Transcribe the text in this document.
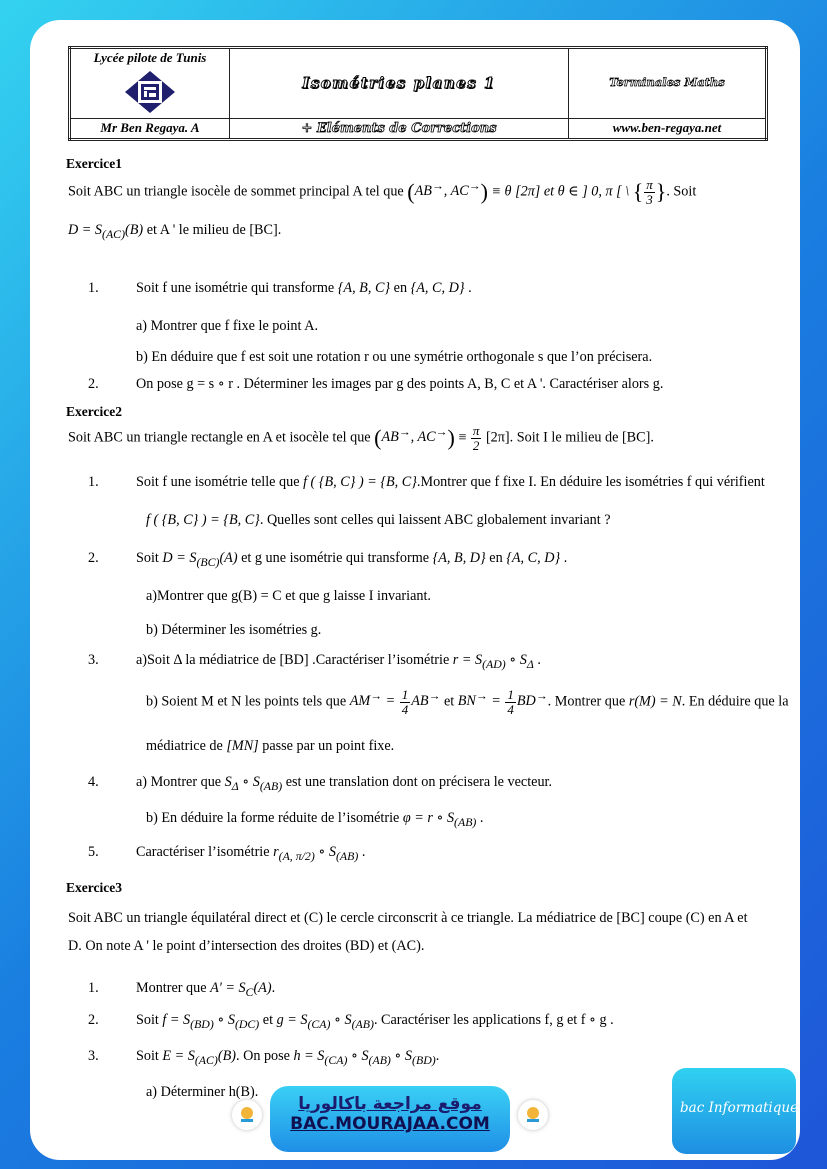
Lycée pilote de Tunis	Isométries planes 1	Terminales Maths

Mr Ben Regaya. A	+ Eléments de Corrections	www.ben-regaya.net

Exercice1

Soit ABC un triangle isocèle de sommet principal A tel que (AB→, AC→) ≡ θ [2π] et θ ∈ ] 0, π [ \ { $\frac{\pi}{3}$ }. Soit

$D = S_{(AC)}(B)$ et A ' le milieu de [BC].

1.	Soit f une isométrie qui transforme {A, B, C} en {A, C, D} .

a) Montrer que f fixe le point A.

b) En déduire que f est soit une rotation r ou une symétrie orthogonale s que l’on précisera.

2.	On pose g = s ∘ r . Déterminer les images par g des points A, B, C et A '. Caractériser alors g.

Exercice2

Soit ABC un triangle rectangle en A et isocèle tel que (AB→, $AC^\to) \equiv \frac{\pi}{2} [2\pi]$. Soit I le milieu de [BC].

1.	Soit f une isométrie telle que f ( {B, C} ) = {B, C}.Montrer que f fixe I. En déduire les isométries f qui vérifient

f ( {B, C} ) = {B, C}. Quelles sont celles qui laissent ABC globalement invariant ?

2.	Soit $D = S_{(BC)}(A)$ et g une isométrie qui transforme {A, B, D} en {A, C, D} .

a)Montrer que g(B) = C et que g laisse I invariant.

b) Déterminer les isométries g.

3.	a)Soit Δ la médiatrice de [BD] .Caractériser l’isométrie $r = S_{(AD)}$ ∘ $S_\Delta$ .

b) Soient M et N les points tels que $AM^\to = \frac{1}{4} AB^\to$ et $BN^\to = \frac{1}{4} BD^\to$. Montrer que r(M) = N. En déduire que la

médiatrice de [MN] passe par un point fixe.

4.	a) Montrer que $S_\Delta$ ∘ $S_{(AB)}$ est une translation dont on précisera le vecteur.

b) En déduire la forme réduite de l’isométrie φ = r ∘ $S_{(AB)}$ .

5.	Caractériser l’isométrie $r_{(A, \pi/2)}$ ∘ $S_{(AB)}$ .

Exercice3

Soit ABC un triangle équilatéral direct et (C) le cercle circonscrit à ce triangle. La médiatrice de [BC] coupe (C) en A et

D. On note A ' le point d’intersection des droites (BD) et (AC).

1.	Montrer que $A' = S_C(A)$.

2.	Soit $f = S_{(BD)}$ ∘ $S_{(DC)}$ et $g = S_{(CA)}$ ∘ $S_{(AB)}$. Caractériser les applications f, g et f ∘ g .

3.	Soit $E = S_{(AC)}(B)$. On pose $h = S_{(CA)}$ ∘ $S_{(AB)}$ ∘ $S_{(BD)}$.

a) Déterminer h(B).

موقع مراجعة باكالوريا
BAC.MOURAJAA.COM
bac Informatique
